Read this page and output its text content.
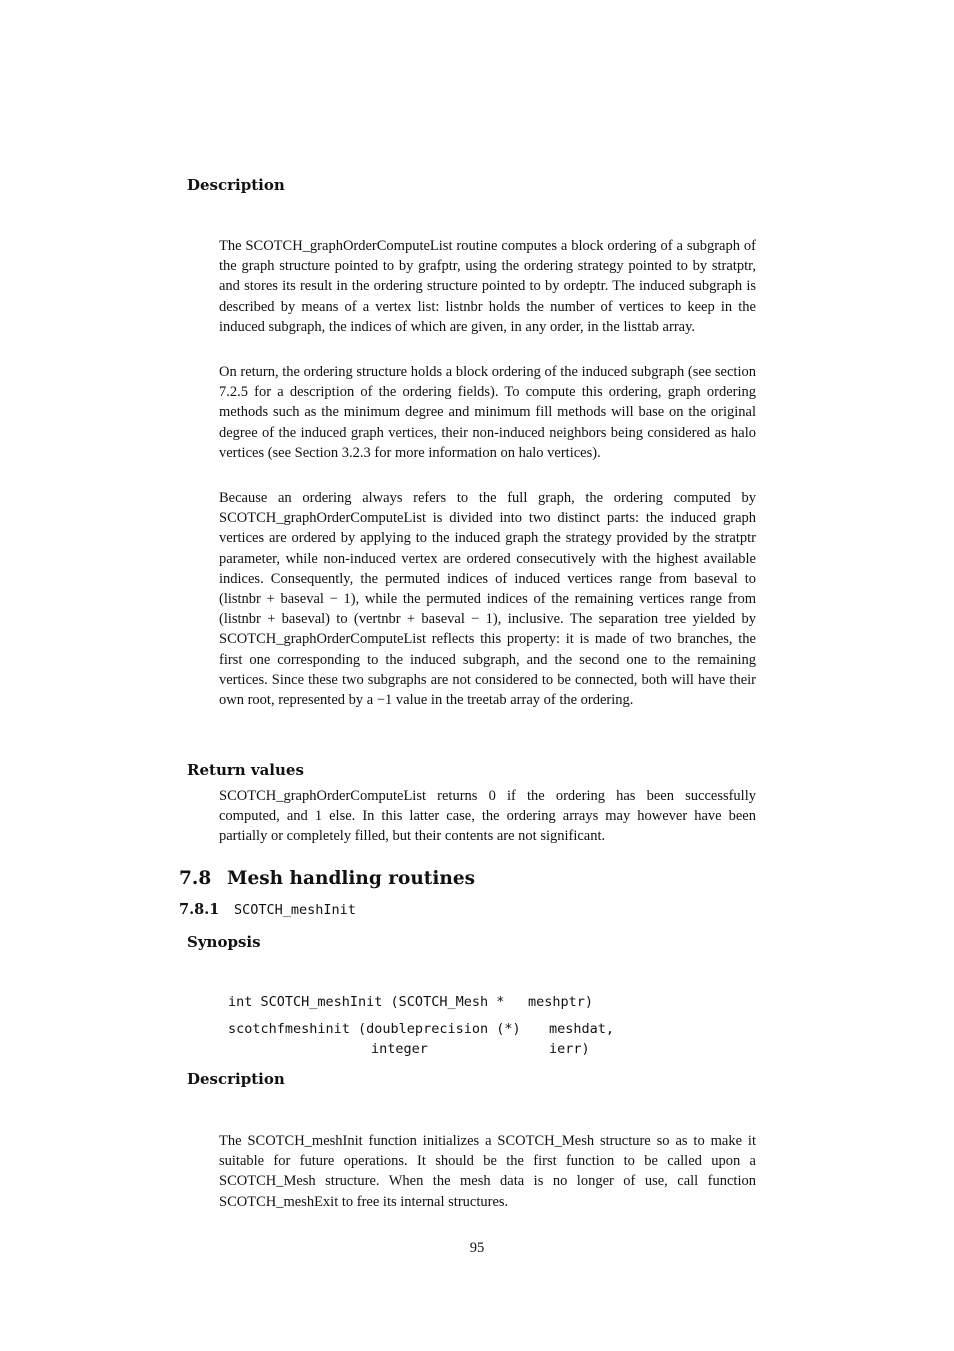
Description

The SCOTCH_graphOrderComputeList routine computes a block ordering of a subgraph of the graph structure pointed to by grafptr, using the ordering strategy pointed to by stratptr, and stores its result in the ordering structure pointed to by ordeptr. The induced subgraph is described by means of a vertex list: listnbr holds the number of vertices to keep in the induced subgraph, the indices of which are given, in any order, in the listtab array.

On return, the ordering structure holds a block ordering of the induced subgraph (see section 7.2.5 for a description of the ordering fields). To compute this ordering, graph ordering methods such as the minimum degree and minimum fill methods will base on the original degree of the induced graph vertices, their non-induced neighbors being considered as halo vertices (see Section 3.2.3 for more information on halo vertices).

Because an ordering always refers to the full graph, the ordering computed by SCOTCH_graphOrderComputeList is divided into two distinct parts: the induced graph vertices are ordered by applying to the induced graph the strategy provided by the stratptr parameter, while non-induced vertex are ordered consecutively with the highest available indices. Consequently, the permuted indices of induced vertices range from baseval to (listnbr + baseval − 1), while the permuted indices of the remaining vertices range from (listnbr + baseval) to (vertnbr + baseval − 1), inclusive. The separation tree yielded by SCOTCH_graphOrderComputeList reflects this property: it is made of two branches, the first one corresponding to the induced subgraph, and the second one to the remaining vertices. Since these two subgraphs are not considered to be connected, both will have their own root, represented by a −1 value in the treetab array of the ordering.

Return values

SCOTCH_graphOrderComputeList returns 0 if the ordering has been successfully computed, and 1 else. In this latter case, the ordering arrays may however have been partially or completely filled, but their contents are not significant.

7.8 Mesh handling routines
7.8.1 SCOTCH_meshInit
Synopsis
int SCOTCH_meshInit (SCOTCH_Mesh * meshptr)
scotchfmeshinit (doubleprecision (*) meshdat,
integer	ierr)
Description

The SCOTCH_meshInit function initializes a SCOTCH_Mesh structure so as to make it suitable for future operations. It should be the first function to be called upon a SCOTCH_Mesh structure. When the mesh data is no longer of use, call function SCOTCH_meshExit to free its internal structures.

95
